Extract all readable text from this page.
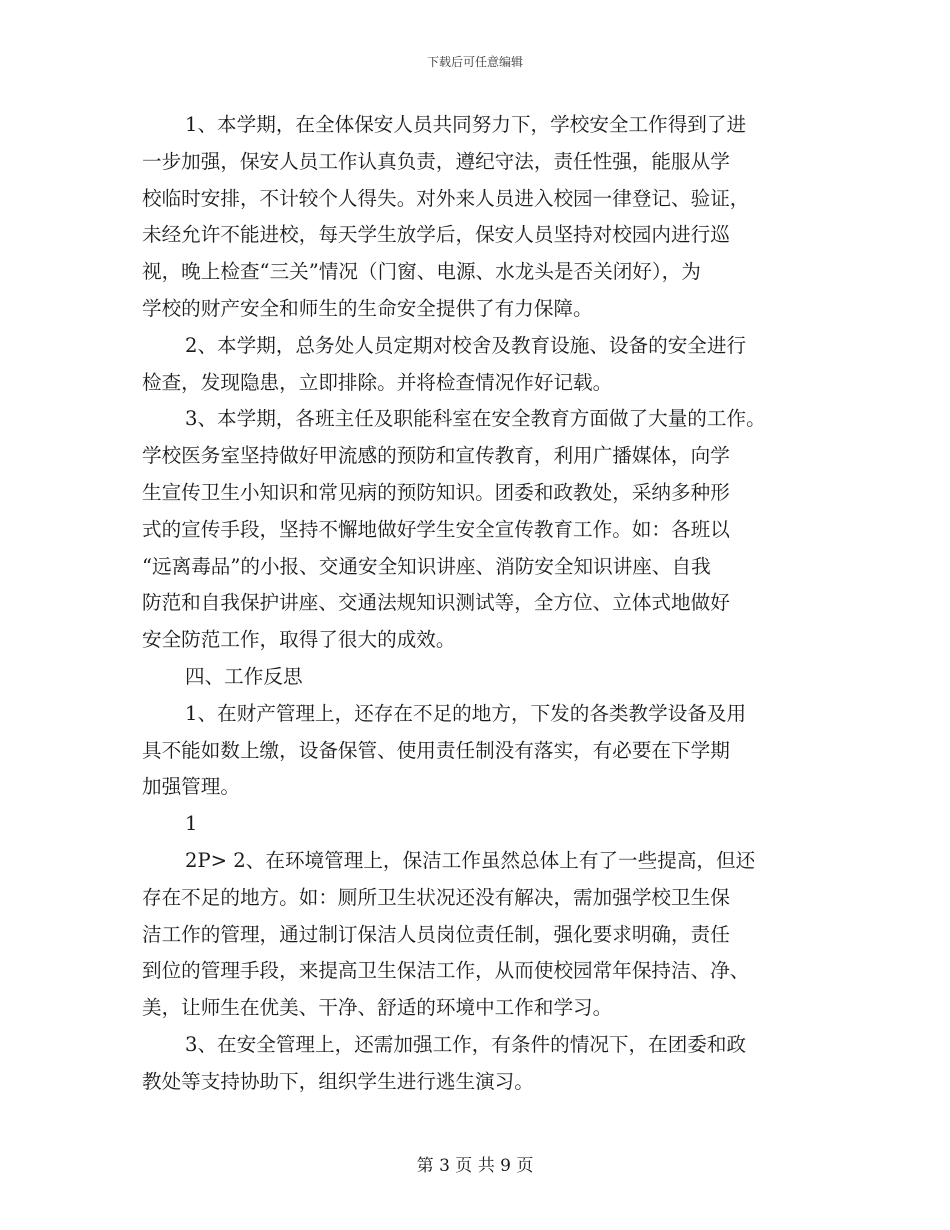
下载后可任意编辑
1、本学期，在全体保安人员共同努力下，学校安全工作得到了进
一步加强，保安人员工作认真负责，遵纪守法，责任性强，能服从学
校临时安排，不计较个人得失。对外来人员进入校园一律登记、验证，
未经允许不能进校，每天学生放学后，保安人员坚持对校园内进行巡
视，晚上检查“三关”情况（门窗、电源、水龙头是否关闭好），为
学校的财产安全和师生的生命安全提供了有力保障。
2、本学期，总务处人员定期对校舍及教育设施、设备的安全进行
检查，发现隐患，立即排除。并将检查情况作好记载。
3、本学期，各班主任及职能科室在安全教育方面做了大量的工作。
学校医务室坚持做好甲流感的预防和宣传教育，利用广播媒体，向学
生宣传卫生小知识和常见病的预防知识。团委和政教处，采纳多种形
式的宣传手段，坚持不懈地做好学生安全宣传教育工作。如：各班以
“远离毒品”的小报、交通安全知识讲座、消防安全知识讲座、自我
防范和自我保护讲座、交通法规知识测试等，全方位、立体式地做好
安全防范工作，取得了很大的成效。
四、工作反思
1、在财产管理上，还存在不足的地方，下发的各类教学设备及用
具不能如数上缴，设备保管、使用责任制没有落实，有必要在下学期
加强管理。
1
2P> 2、在环境管理上，保洁工作虽然总体上有了一些提高，但还
存在不足的地方。如：厕所卫生状况还没有解决，需加强学校卫生保
洁工作的管理，通过制订保洁人员岗位责任制，强化要求明确，责任
到位的管理手段，来提高卫生保洁工作，从而使校园常年保持洁、净、
美，让师生在优美、干净、舒适的环境中工作和学习。
3、在安全管理上，还需加强工作，有条件的情况下，在团委和政
教处等支持协助下，组织学生进行逃生演习。
第 3 页 共 9 页
